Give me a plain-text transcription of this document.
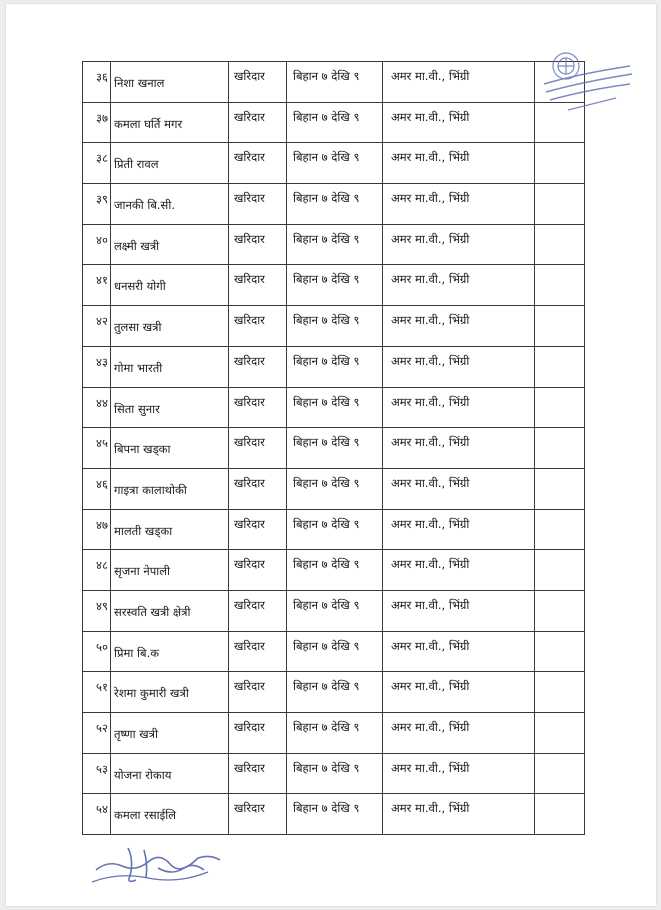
३६	निशा खनाल	खरिदार	बिहान ७ देखि ९	अमर मा.वी., भिंग्री	

३७	कमला घर्ति मगर	खरिदार	बिहान ७ देखि ९	अमर मा.वी., भिंग्री	

३८	प्रिती रावल	खरिदार	बिहान ७ देखि ९	अमर मा.वी., भिंग्री	

३९	जानकी बि.सी.	खरिदार	बिहान ७ देखि ९	अमर मा.वी., भिंग्री	

४०	लक्ष्मी खत्री	खरिदार	बिहान ७ देखि ९	अमर मा.वी., भिंग्री	

४१	धनसरी योगी	खरिदार	बिहान ७ देखि ९	अमर मा.वी., भिंग्री	

४२	तुलसा खत्री	खरिदार	बिहान ७ देखि ९	अमर मा.वी., भिंग्री	

४३	गोमा भारती	खरिदार	बिहान ७ देखि ९	अमर मा.वी., भिंग्री	

४४	सिता सुनार	खरिदार	बिहान ७ देखि ९	अमर मा.वी., भिंग्री	

४५	बिपना खड्का	खरिदार	बिहान ७ देखि ९	अमर मा.वी., भिंग्री	

४६	गाइत्रा कालाथोकी	खरिदार	बिहान ७ देखि ९	अमर मा.वी., भिंग्री	

४७	मालती खड्का	खरिदार	बिहान ७ देखि ९	अमर मा.वी., भिंग्री	

४८	सृजना नेपाली	खरिदार	बिहान ७ देखि ९	अमर मा.वी., भिंग्री	

४९	सरस्वति खत्री क्षेत्री	खरिदार	बिहान ७ देखि ९	अमर मा.वी., भिंग्री	

५०	प्रिमा बि.क	खरिदार	बिहान ७ देखि ९	अमर मा.वी., भिंग्री	

५१	रेशमा कुमारी खत्री	खरिदार	बिहान ७ देखि ९	अमर मा.वी., भिंग्री	

५२	तृष्णा खत्री	खरिदार	बिहान ७ देखि ९	अमर मा.वी., भिंग्री	

५३	योजना रोकाय	खरिदार	बिहान ७ देखि ९	अमर मा.वी., भिंग्री	

५४	कमला रसाईलि	खरिदार	बिहान ७ देखि ९	अमर मा.वी., भिंग्री	
